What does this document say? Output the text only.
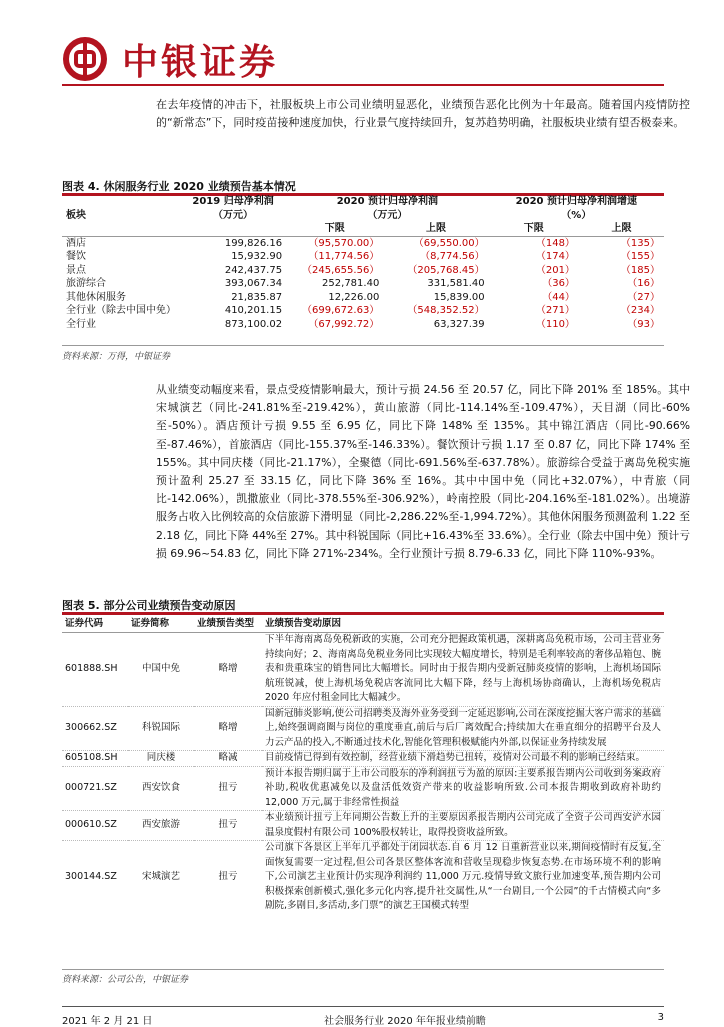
中银证券
在去年疫情的冲击下，社服板块上市公司业绩明显恶化，业绩预告恶化比例为十年最高。随着国内疫情防控的“新常态”下，同时疫苗接种速度加快，行业景气度持续回升，复苏趋势明确，社服板块业绩有望否极泰来。
图表 4. 休闲服务行业 2020 业绩预告基本情况
板块	2019 归母净利润	2020 预计归母净利润		2020 预计归母净利润增速	
	（万元）	（万元）		（%）	
		下限	上限	下限	上限
酒店	199,826.16	（95,570.00）	（69,550.00）	（148）	（135）
餐饮	15,932.90	（11,774.56）	（8,774.56）	（174）	（155）
景点	242,437.75	（245,655.56）	（205,768.45）	（201）	（185）
旅游综合	393,067.34	252,781.40	331,581.40	（36）	（16）
其他休闲服务	21,835.87	12,226.00	15,839.00	（44）	（27）
全行业（除去中国中免）	410,201.15	（699,672.63）	（548,352.52）	（271）	（234）
全行业	873,100.02	（67,992.72）	63,327.39	（110）	（93）
资料来源：万得，中银证券
从业绩变动幅度来看，景点受疫情影响最大，预计亏损 24.56 至 20.57 亿，同比下降 201% 至 185%。其中宋城演艺（同比-241.81%至-219.42%），黄山旅游（同比-114.14%至-109.47%），天目湖（同比-60%至-50%）。酒店预计亏损 9.55 至 6.95 亿，同比下降 148% 至 135%。其中锦江酒店（同比-90.66%至-87.46%），首旅酒店（同比-155.37%至-146.33%）。餐饮预计亏损 1.17 至 0.87 亿，同比下降 174% 至 155%。其中同庆楼（同比-21.17%），全聚德（同比-691.56%至-637.78%）。旅游综合受益于离岛免税实施预计盈利 25.27 至 33.15 亿，同比下降 36% 至 16%。其中中国中免（同比+32.07%），中青旅（同比-142.06%），凯撒旅业（同比-378.55%至-306.92%），岭南控股（同比-204.16%至-181.02%）。出境游服务占收入比例较高的众信旅游下滑明显（同比-2,286.22%至-1,994.72%）。其他休闲服务预测盈利 1.22 至 2.18 亿，同比下降 44%至 27%。其中科锐国际（同比+16.43%至 33.6%）。全行业（除去中国中免）预计亏损 69.96~54.83 亿，同比下降 271%-234%。全行业预计亏损 8.79-6.33 亿，同比下降 110%-93%。
图表 5. 部分公司业绩预告变动原因
证券代码	证券简称	业绩预告类型	业绩预告变动原因
601888.SH	中国中免	略增	下半年海南离岛免税新政的实施，公司充分把握政策机遇，深耕离岛免税市场，公司主营业务持续向好；2、海南离岛免税业务同比实现较大幅度增长，特别是毛利率较高的奢侈品箱包、腕表和贵重珠宝的销售同比大幅增长。同时由于报告期内受新冠肺炎疫情的影响，上海机场国际航班锐减，使上海机场免税店客流同比大幅下降，经与上海机场协商确认，上海机场免税店 2020 年应付租金同比大幅减少。
300662.SZ	科锐国际	略增	国新冠肺炎影响,使公司招聘类及海外业务受到一定延迟影响,公司在深度挖掘大客户需求的基础上,始终强调商圈与岗位的重度垂直,前后与后厂离效配合;持续加大在垂直细分的招聘平台及人力云产品的投入,不断通过技术化,智能化管理积极赋能内外部,以保证业务持续发展
605108.SH	同庆楼	略减	目前疫情已得到有效控制，经营业绩下滑趋势已扭转，疫情对公司最不利的影响已经结束。
000721.SZ	西安饮食	扭亏	预计本报告期归属于上市公司股东的净利润扭亏为盈的原因:主要系报告期内公司收到务案政府补助,税收优惠减免以及盘活低效资产带来的收益影响所致.公司本报告期收到政府补助约 12,000 万元,属于非经常性损益
000610.SZ	西安旅游	扭亏	本业绩预计扭亏上年同期公告数上升的主要原因系报告期内公司完成了全资子公司西安浐水园温泉度假村有限公司 100%股权转让，取得投资收益所致。
300144.SZ	宋城演艺	扭亏	公司旗下各景区上半年几乎都处于闭园状态.自 6 月 12 日重新营业以来,期间疫情时有反复,全面恢复需要一定过程,但公司各景区整体客流和营收呈现稳步恢复态势.在市场环境不利的影响下,公司演艺主业预计仍实现净利润约 11,000 万元.疫情导致文旅行业加速变革,预告期内公司积极探索创新模式,强化多元化内容,提升社交属性,从“一台剧目,一个公园”的千古情模式向“多剧院,多剧目,多活动,多门票”的演艺王国模式转型
资料来源：公司公告，中银证券
2021 年 2 月 21 日	社会服务行业 2020 年年报业绩前瞻	3
